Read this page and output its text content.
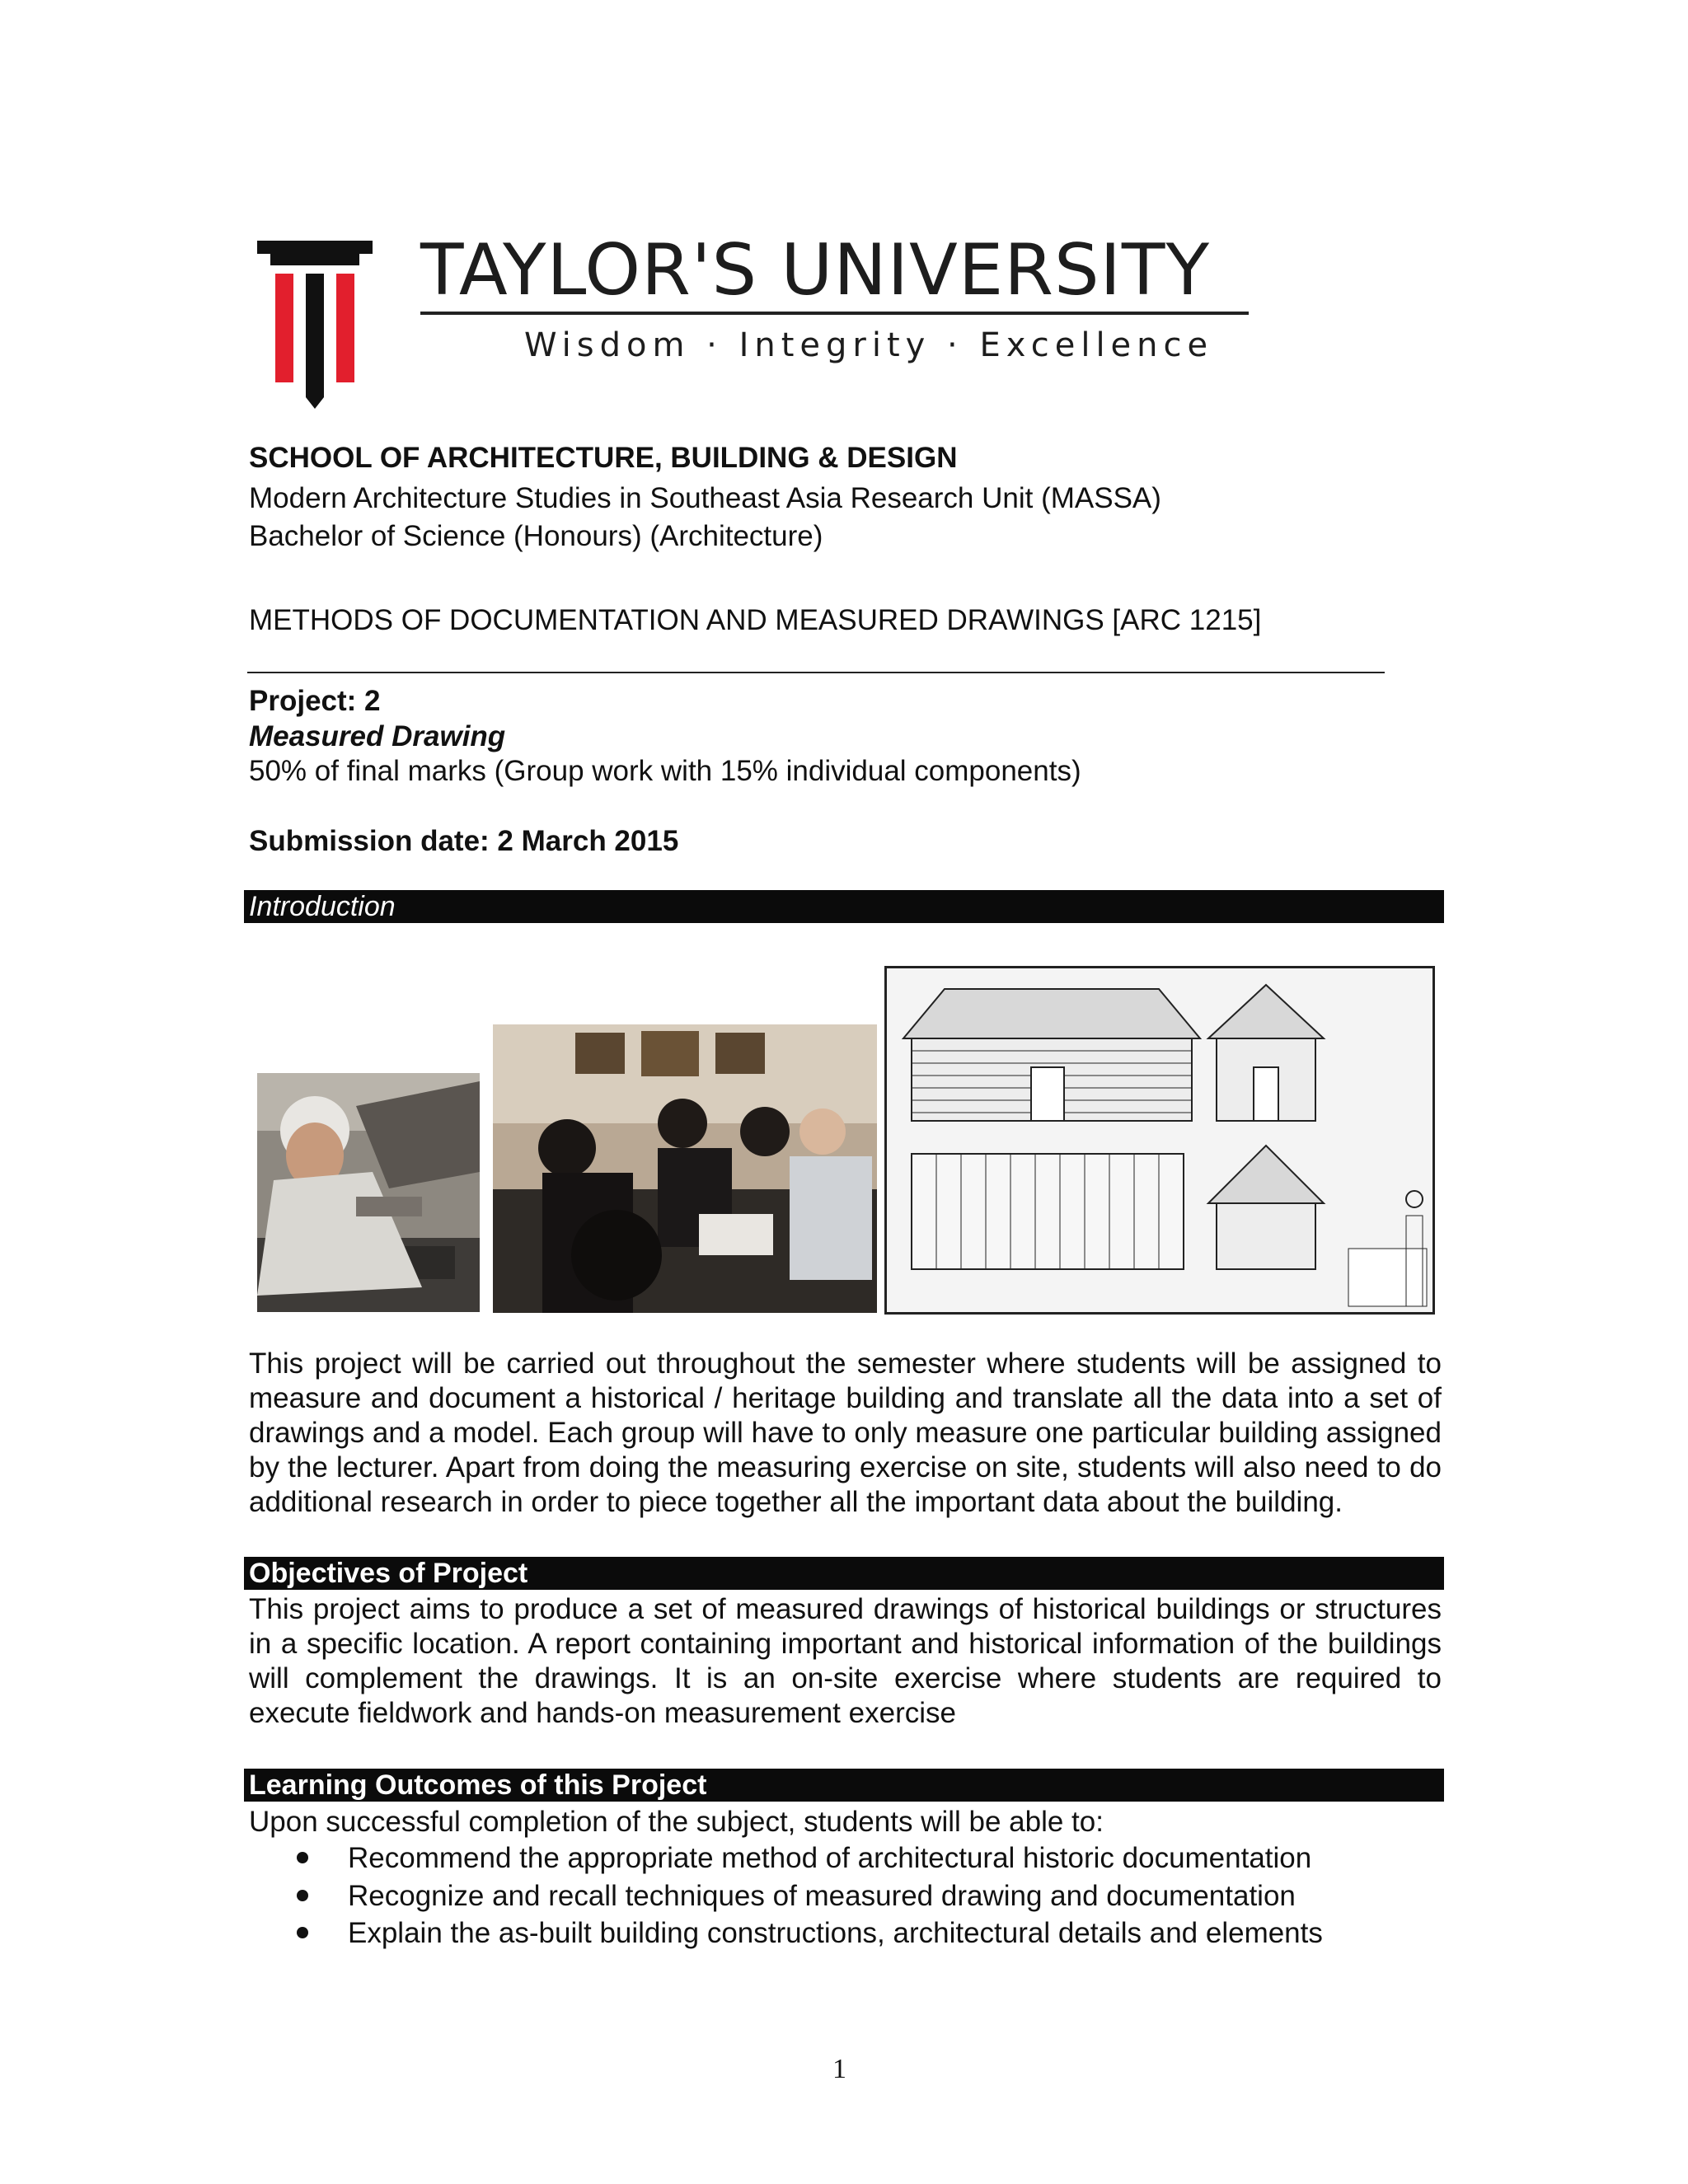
TAYLOR'S UNIVERSITY
Wisdom · Integrity · Excellence
SCHOOL OF ARCHITECTURE, BUILDING & DESIGN
Modern Architecture Studies in Southeast Asia Research Unit (MASSA)
Bachelor of Science (Honours) (Architecture)
METHODS OF DOCUMENTATION AND MEASURED DRAWINGS [ARC 1215]
Project: 2
Measured Drawing
50% of final marks (Group work with 15% individual components)
Submission date: 2 March 2015
Introduction
This project will be carried out throughout the semester where students will be assigned to measure and document a historical / heritage building and translate all the data into a set of drawings and a model. Each group will have to only measure one particular building assigned by the lecturer. Apart from doing the measuring exercise on site, students will also need to do additional research in order to piece together all the important data about the building.
Objectives of Project
This project aims to produce a set of measured drawings of historical buildings or structures in a specific location. A report containing important and historical information of the buildings will complement the drawings. It is an on-site exercise where students are required to execute fieldwork and hands-on measurement exercise
Learning Outcomes of this Project
Upon successful completion of the subject, students will be able to:
Recommend the appropriate method of architectural historic documentation
Recognize and recall techniques of measured drawing and documentation
Explain the as-built building constructions, architectural details and elements
1
